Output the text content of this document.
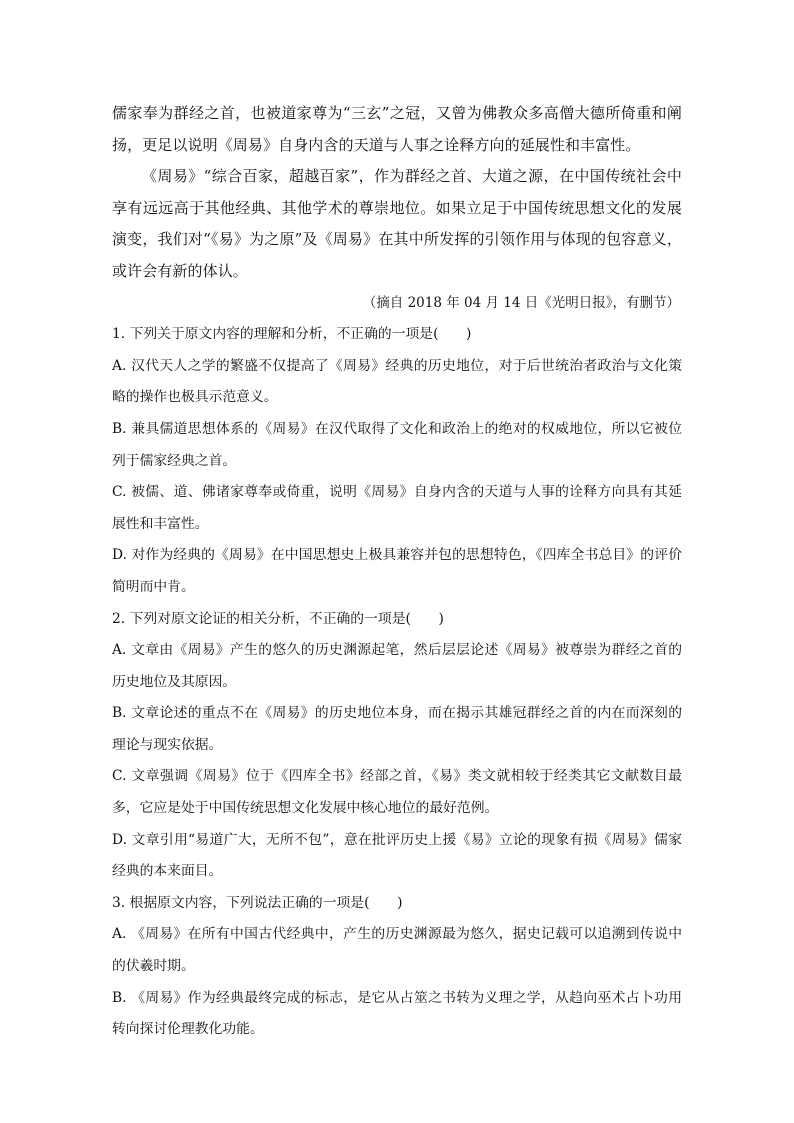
儒家奉为群经之首，也被道家尊为“三玄”之冠，又曾为佛教众多高僧大德所倚重和阐扬，更足以说明《周易》自身内含的天道与人事之诠释方向的延展性和丰富性。

《周易》“综合百家，超越百家”，作为群经之首、大道之源，在中国传统社会中享有远远高于其他经典、其他学术的尊崇地位。如果立足于中国传统思想文化的发展演变，我们对“《易》为之原”及《周易》在其中所发挥的引领作用与体现的包容意义，或许会有新的体认。

（摘自 2018 年 04 月 14 日《光明日报》，有删节）

1. 下列关于原文内容的理解和分析，不正确的一项是(　　)

A. 汉代天人之学的繁盛不仅提高了《周易》经典的历史地位，对于后世统治者政治与文化策略的操作也极具示范意义。

B. 兼具儒道思想体系的《周易》在汉代取得了文化和政治上的绝对的权威地位，所以它被位列于儒家经典之首。

C. 被儒、道、佛诸家尊奉或倚重，说明《周易》自身内含的天道与人事的诠释方向具有其延展性和丰富性。

D. 对作为经典的《周易》在中国思想史上极具兼容并包的思想特色，《四库全书总目》的评价简明而中肯。

2. 下列对原文论证的相关分析，不正确的一项是(　　)

A. 文章由《周易》产生的悠久的历史渊源起笔，然后层层论述《周易》被尊崇为群经之首的历史地位及其原因。

B. 文章论述的重点不在《周易》的历史地位本身，而在揭示其雄冠群经之首的内在而深刻的理论与现实依据。

C. 文章强调《周易》位于《四库全书》经部之首，《易》类文就相较于经类其它文献数目最多，它应是处于中国传统思想文化发展中核心地位的最好范例。

D. 文章引用“易道广大，无所不包”，意在批评历史上援《易》立论的现象有损《周易》儒家经典的本来面目。

3. 根据原文内容，下列说法正确的一项是(　　)

A. 《周易》在所有中国古代经典中，产生的历史渊源最为悠久，据史记载可以追溯到传说中的伏羲时期。

B. 《周易》作为经典最终完成的标志，是它从占筮之书转为义理之学，从趋向巫术占卜功用转向探讨伦理教化功能。
